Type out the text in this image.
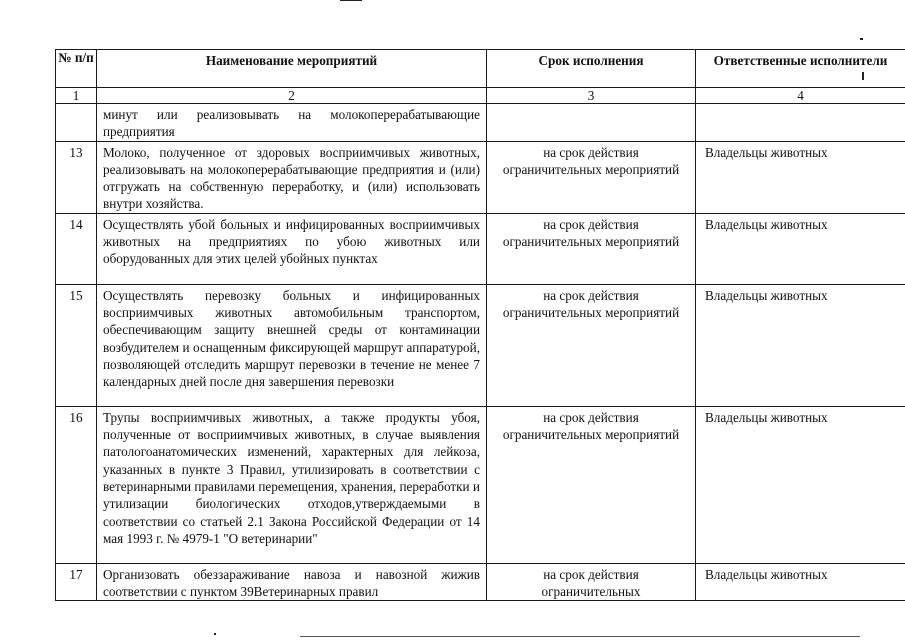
№ п/п	Наименование мероприятий	Срок исполнения	Ответственные исполнители
1	2	3	4
	минут или реализовывать на молокоперерабатывающие предприятия		
13	Молоко, полученное от здоровых восприимчивых животных, реализовывать на молокоперерабатывающие предприятия и (или) отгружать на собственную переработку, и (или) использовать внутри хозяйства.	на срок действия ограничительных мероприятий	Владельцы животных
14	Осуществлять убой больных и инфицированных восприимчивых животных на предприятиях по убою животных или оборудованных для этих целей убойных пунктах	на срок действия ограничительных мероприятий	Владельцы животных
15	Осуществлять перевозку больных и инфицированных восприимчивых животных автомобильным транспортом, обеспечивающим защиту внешней среды от контаминации возбудителем и оснащенным фиксирующей маршрут аппаратурой, позволяющей отследить маршрут перевозки в течение не менее 7 календарных дней после дня завершения перевозки	на срок действия ограничительных мероприятий	Владельцы животных
16	Трупы восприимчивых животных, а также продукты убоя, полученные от восприимчивых животных, в случае выявления патологоанатомических изменений, характерных для лейкоза, указанных в пункте 3 Правил, утилизировать в соответствии с ветеринарными правилами перемещения, хранения, переработки и утилизации биологических отходов,утверждаемыми в соответствии со статьей 2.1 Закона Российской Федерации от 14 мая 1993 г. № 4979-1 "О ветеринарии"	на срок действия ограничительных мероприятий	Владельцы животных
17	Организовать обеззараживание навоза и навозной жижив соответствии с пунктом 39Ветеринарных правил	на срок действия ограничительных	Владельцы животных
